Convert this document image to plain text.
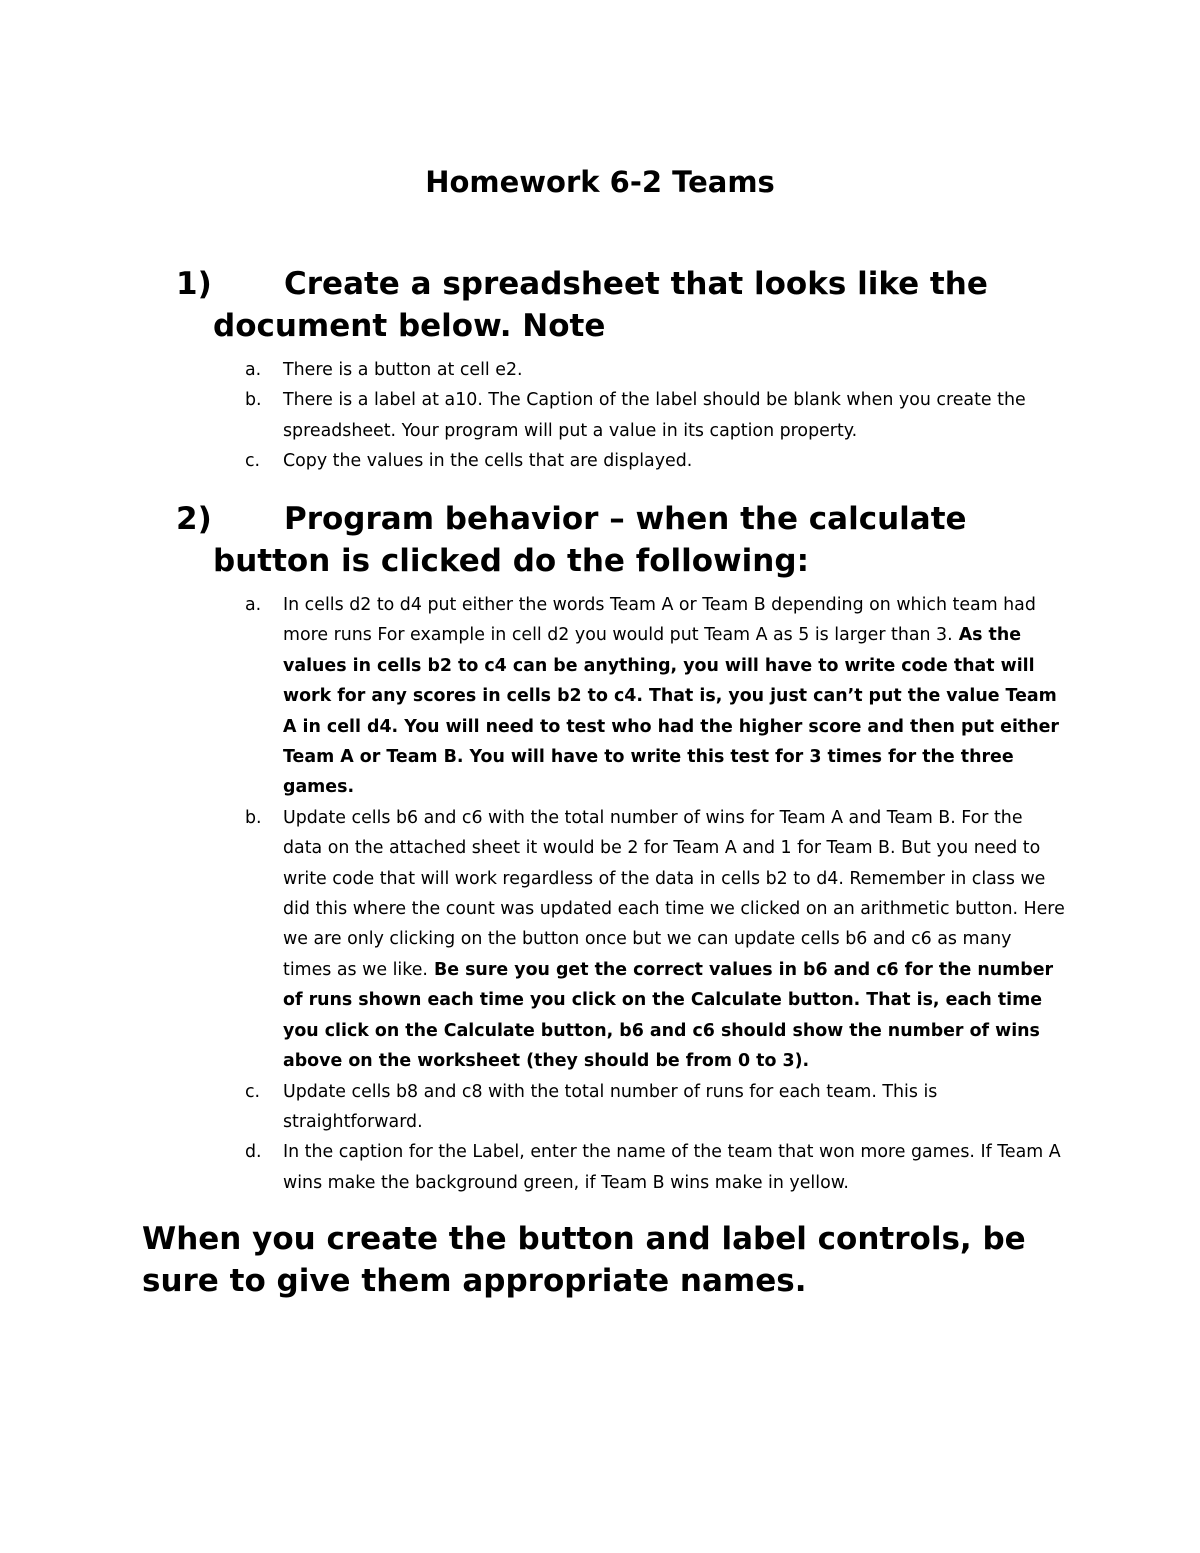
Homework 6-2 Teams
1) Create a spreadsheet that looks like the
document below. Note
a.	There is a button at cell e2.
b.	There is a label at a10. The Caption of the label should be blank when you create the spreadsheet. Your program will put a value in its caption property.
c.	Copy the values in the cells that are displayed.
2) Program behavior – when the calculate
button is clicked do the following:
a.	In cells d2 to d4 put either the words Team A or Team B depending on which team had more runs For example in cell d2 you would put Team A as 5 is larger than 3. As the values in cells b2 to c4 can be anything, you will have to write code that will work for any scores in cells b2 to c4. That is, you just can’t put the value Team A in cell d4. You will need to test who had the higher score and then put either Team A or Team B. You will have to write this test for 3 times for the three games.
b.	Update cells b6 and c6 with the total number of wins for Team A and Team B. For the data on the attached sheet it would be 2 for Team A and 1 for Team B. But you need to write code that will work regardless of the data in cells b2 to d4. Remember in class we did this where the count was updated each time we clicked on an arithmetic button. Here we are only clicking on the button once but we can update cells b6 and c6 as many times as we like. Be sure you get the correct values in b6 and c6 for the number of runs shown each time you click on the Calculate button. That is, each time you click on the Calculate button, b6 and c6 should show the number of wins above on the worksheet (they should be from 0 to 3).
c.	Update cells b8 and c8 with the total number of runs for each team. This is straightforward.
d.	In the caption for the Label, enter the name of the team that won more games. If Team A wins make the background green, if Team B wins make in yellow.
When you create the button and label controls, be sure to give them appropriate names.
